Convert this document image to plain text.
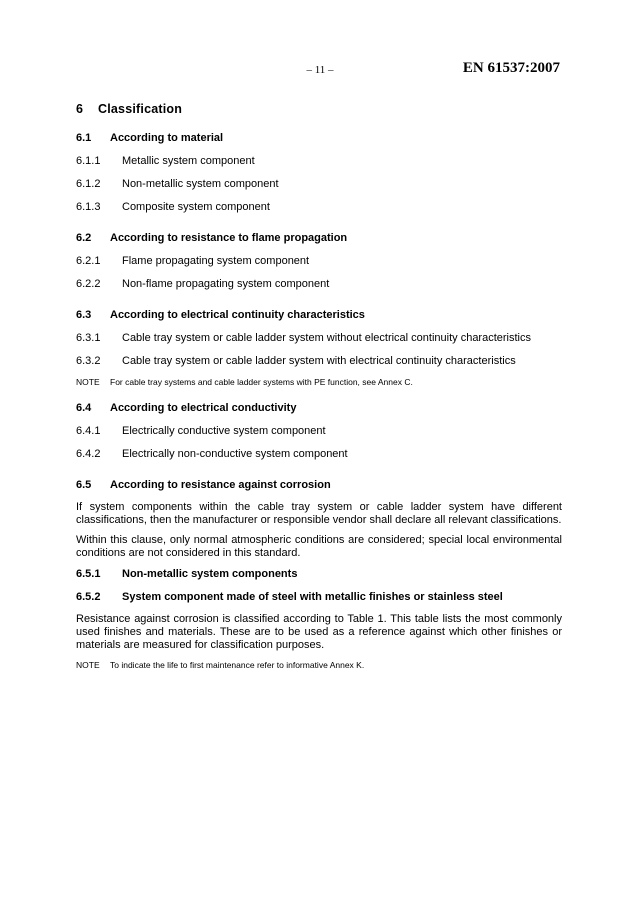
– 11 –	EN 61537:2007
6 Classification
6.1 According to material
6.1.1 Metallic system component
6.1.2 Non-metallic system component
6.1.3 Composite system component
6.2 According to resistance to flame propagation
6.2.1 Flame propagating system component
6.2.2 Non-flame propagating system component
6.3 According to electrical continuity characteristics
6.3.1 Cable tray system or cable ladder system without electrical continuity characteristics
6.3.2 Cable tray system or cable ladder system with electrical continuity characteristics
NOTE For cable tray systems and cable ladder systems with PE function, see Annex C.
6.4 According to electrical conductivity
6.4.1 Electrically conductive system component
6.4.2 Electrically non-conductive system component
6.5 According to resistance against corrosion
If system components within the cable tray system or cable ladder system have different classifications, then the manufacturer or responsible vendor shall declare all relevant classifications.
Within this clause, only normal atmospheric conditions are considered; special local environmental conditions are not considered in this standard.
6.5.1 Non-metallic system components
6.5.2 System component made of steel with metallic finishes or stainless steel
Resistance against corrosion is classified according to Table 1. This table lists the most commonly used finishes and materials. These are to be used as a reference against which other finishes or materials are measured for classification purposes.
NOTE To indicate the life to first maintenance refer to informative Annex K.
